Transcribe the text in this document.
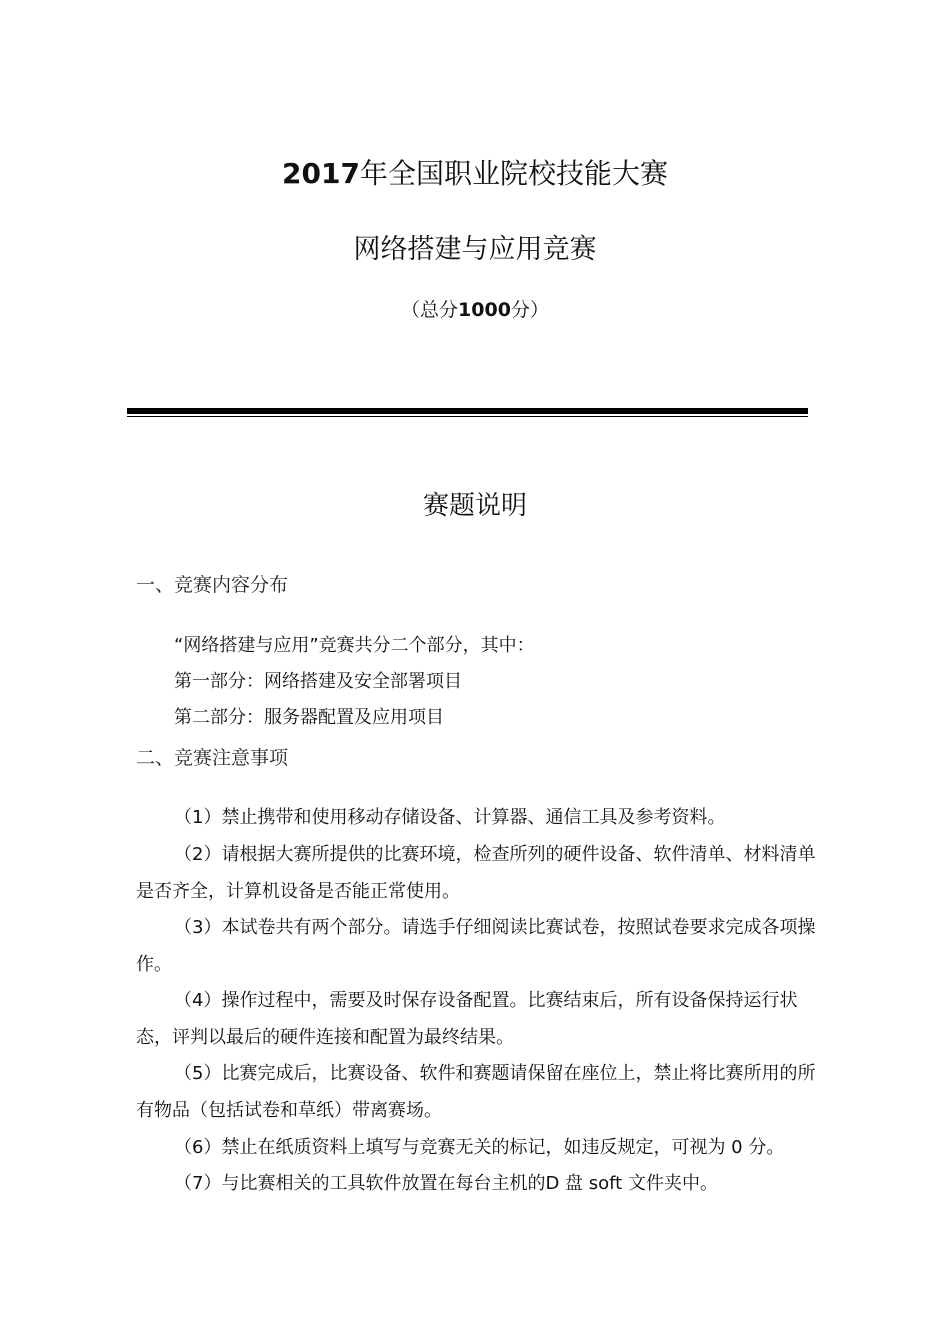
2017年全国职业院校技能大赛
网络搭建与应用竞赛
（总分1000分）
赛题说明
一、竞赛内容分布
“网络搭建与应用”竞赛共分二个部分，其中：
第一部分：网络搭建及安全部署项目
第二部分：服务器配置及应用项目
二、竞赛注意事项

（1）禁止携带和使用移动存储设备、计算器、通信工具及参考资料。

（2）请根据大赛所提供的比赛环境，检查所列的硬件设备、软件清单、材料清单是否齐全，计算机设备是否能正常使用。

（3）本试卷共有两个部分。请选手仔细阅读比赛试卷，按照试卷要求完成各项操作。

（4）操作过程中，需要及时保存设备配置。比赛结束后，所有设备保持运行状态，评判以最后的硬件连接和配置为最终结果。

（5）比赛完成后，比赛设备、软件和赛题请保留在座位上，禁止将比赛所用的所有物品（包括试卷和草纸）带离赛场。

（6）禁止在纸质资料上填写与竞赛无关的标记，如违反规定，可视为 0 分。

（7）与比赛相关的工具软件放置在每台主机的D 盘 soft 文件夹中。
